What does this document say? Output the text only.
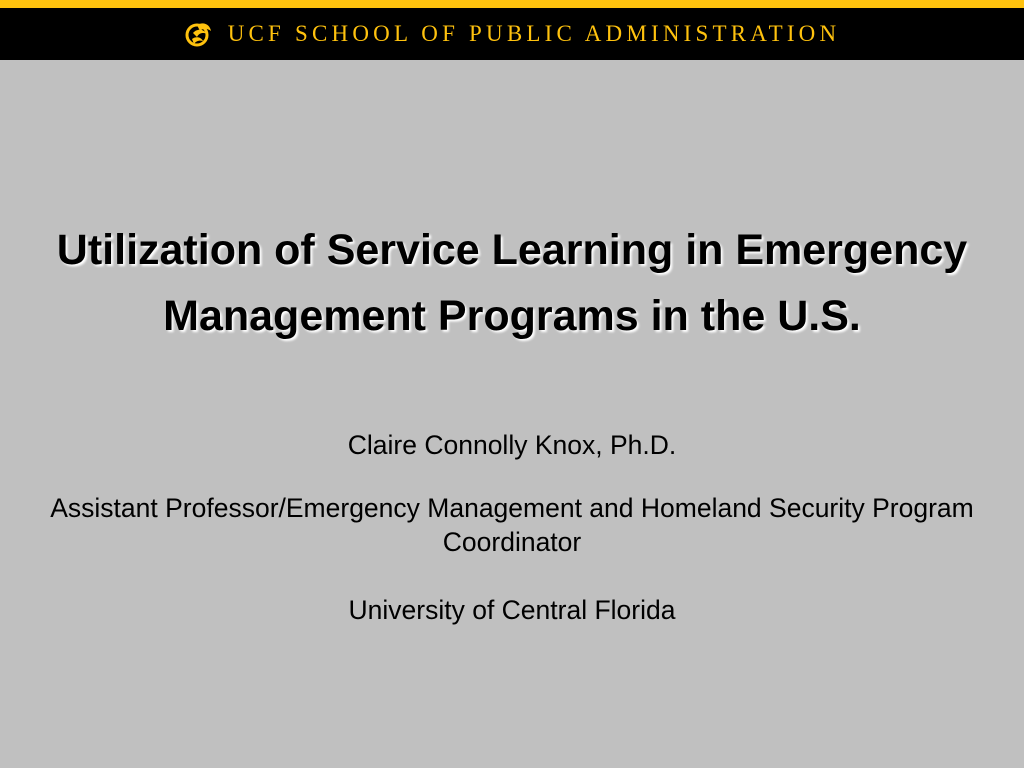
UCF SCHOOL OF PUBLIC ADMINISTRATION
Utilization of Service Learning in Emergency Management Programs in the U.S.

Claire Connolly Knox, Ph.D.

Assistant Professor/Emergency Management and Homeland Security Program Coordinator

University of Central Florida
